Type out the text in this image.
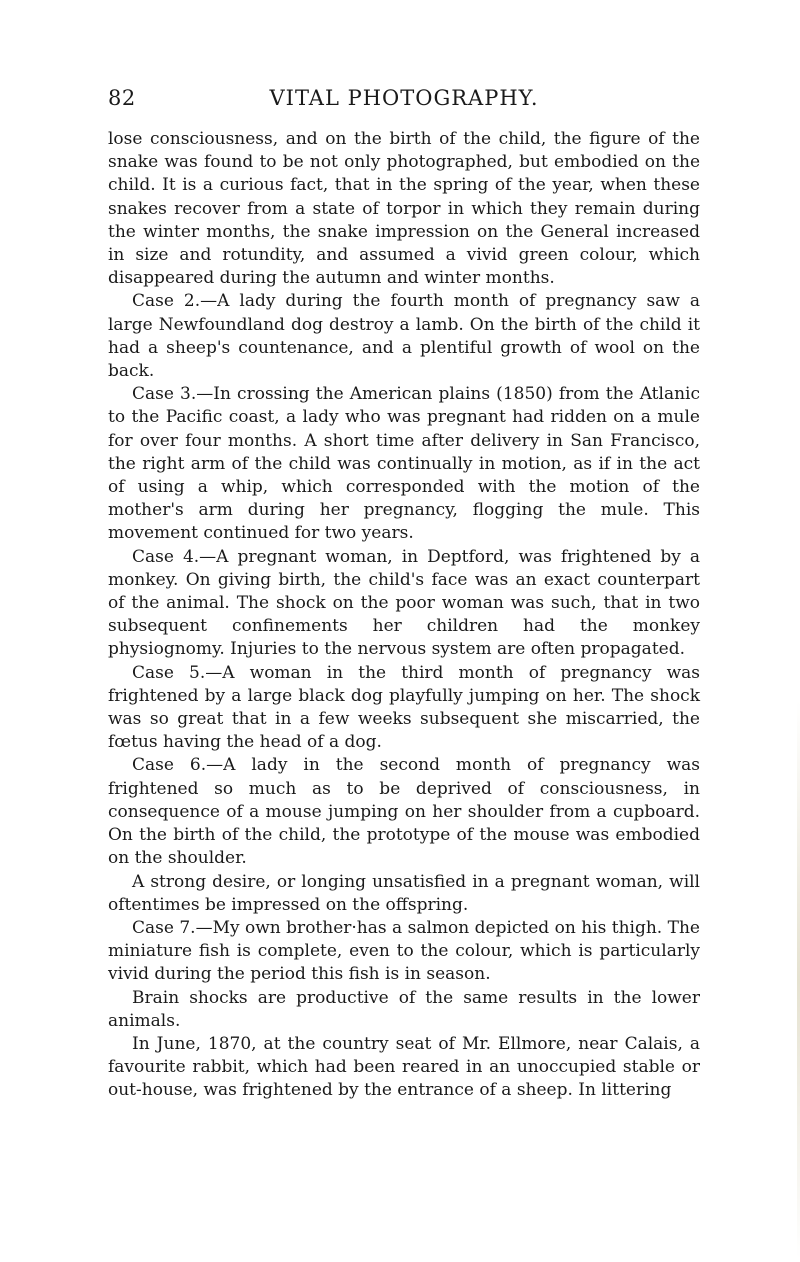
82	VITAL PHOTOGRAPHY.

lose consciousness, and on the birth of the child, the figure of the snake was found to be not only photographed, but embodied on the child. It is a curious fact, that in the spring of the year, when these snakes recover from a state of torpor in which they remain during the winter months, the snake impression on the General increased in size and rotundity, and assumed a vivid green colour, which disappeared during the autumn and winter months.

Case 2.—A lady during the fourth month of pregnancy saw a large Newfoundland dog destroy a lamb. On the birth of the child it had a sheep's countenance, and a plentiful growth of wool on the back.

Case 3.—In crossing the American plains (1850) from the Atlanic to the Pacific coast, a lady who was pregnant had ridden on a mule for over four months. A short time after delivery in San Francisco, the right arm of the child was continually in motion, as if in the act of using a whip, which corresponded with the motion of the mother's arm during her pregnancy, flogging the mule. This movement continued for two years.

Case 4.—A pregnant woman, in Deptford, was frightened by a monkey. On giving birth, the child's face was an exact counterpart of the animal. The shock on the poor woman was such, that in two subsequent confinements her children had the monkey physiognomy. Injuries to the nervous system are often propagated.

Case 5.—A woman in the third month of pregnancy was frightened by a large black dog playfully jumping on her. The shock was so great that in a few weeks subsequent she miscarried, the fœtus having the head of a dog.

Case 6.—A lady in the second month of pregnancy was frightened so much as to be deprived of consciousness, in consequence of a mouse jumping on her shoulder from a cupboard. On the birth of the child, the prototype of the mouse was embodied on the shoulder.

A strong desire, or longing unsatisfied in a pregnant woman, will oftentimes be impressed on the offspring.

Case 7.—My own brother·has a salmon depicted on his thigh. The miniature fish is complete, even to the colour, which is particularly vivid during the period this fish is in season.

Brain shocks are productive of the same results in the lower animals.

In June, 1870, at the country seat of Mr. Ellmore, near Calais, a favourite rabbit, which had been reared in an unoccupied stable or out-house, was frightened by the entrance of a sheep. In littering
